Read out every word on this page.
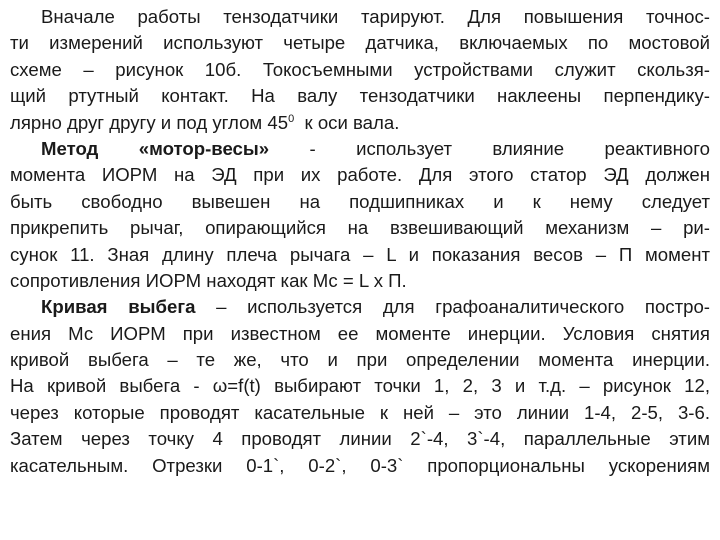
Вначале работы тензодатчики тарируют. Для повышения точнос-
ти измерений используют четыре датчика, включаемых по мостовой
схеме – рисунок 10б. Токосъемными устройствами служит скользя-
щий ртутный контакт. На валу тензодатчики наклеены перпендику-
лярно друг другу и под углом $45^0$  к оси вала.
Метод «мотор-весы» - использует влияние реактивного
момента ИОРМ на ЭД при их работе. Для этого статор ЭД должен
быть свободно вывешен на подшипниках и к нему следует
прикрепить рычаг, опирающийся на взвешивающий механизм – ри-
сунок 11. Зная длину плеча рычага – L и показания весов – П момент
сопротивления ИОРМ находят как Мс = L х П.
Кривая выбега – используется для графоаналитического постро-
ения Мс ИОРМ при известном ее моменте инерции. Условия снятия
кривой выбега – те же, что и при определении момента инерции.
На кривой выбега - ω=f(t) выбирают точки 1, 2, 3 и т.д. – рисунок 12,
через которые проводят касательные к ней – это линии 1-4, 2-5, 3-6.
Затем через точку 4 проводят линии 2`-4, 3`-4, параллельные этим
касательным. Отрезки 0-1`, 0-2`, 0-3` пропорциональны ускорениям
